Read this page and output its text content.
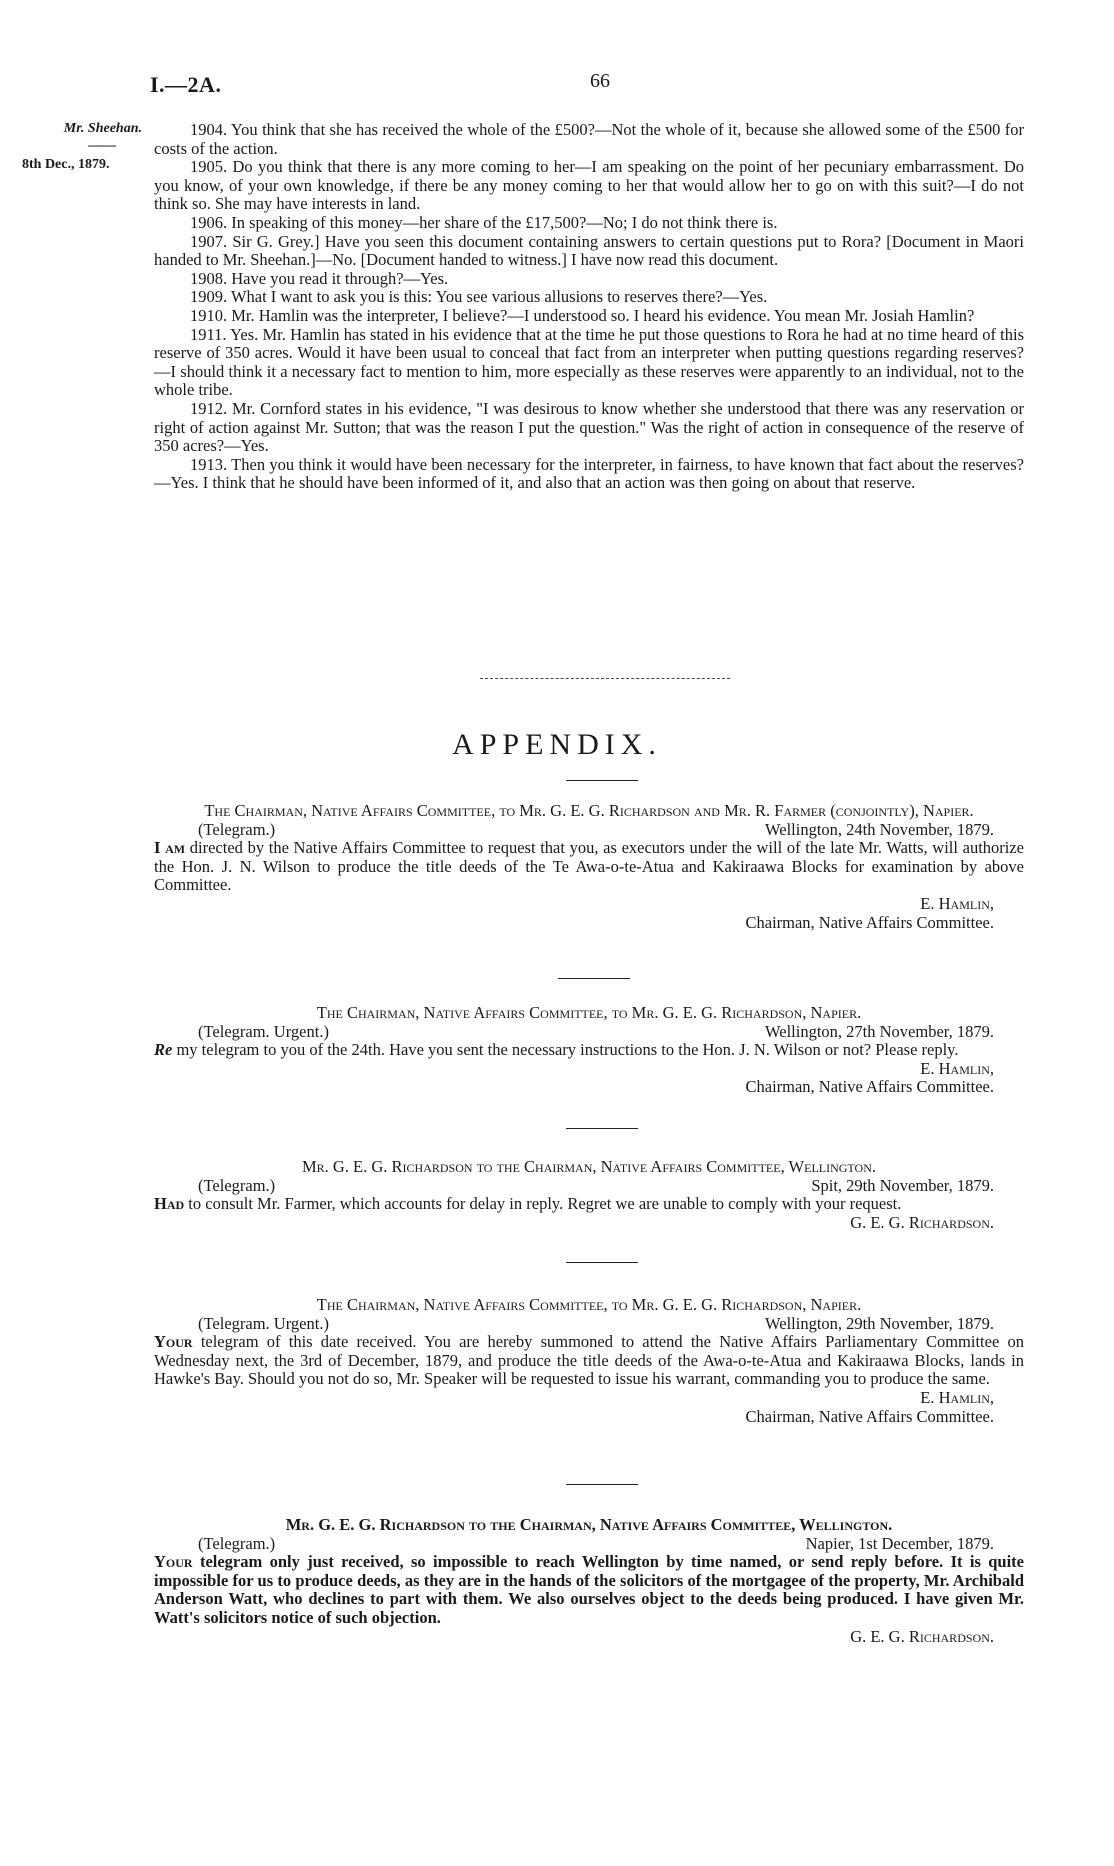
I.—2A.	66
Mr. Sheehan.
——
8th Dec., 1879.

1904. You think that she has received the whole of the £500?—Not the whole of it, because she allowed some of the £500 for costs of the action.

1905. Do you think that there is any more coming to her—I am speaking on the point of her pecuniary embarrassment. Do you know, of your own knowledge, if there be any money coming to her that would allow her to go on with this suit?—I do not think so. She may have interests in land.

1906. In speaking of this money—her share of the £17,500?—No; I do not think there is.

1907. Sir G. Grey.] Have you seen this document containing answers to certain questions put to Rora? [Document in Maori handed to Mr. Sheehan.]—No. [Document handed to witness.] I have now read this document.

1908. Have you read it through?—Yes.

1909. What I want to ask you is this: You see various allusions to reserves there?—Yes.

1910. Mr. Hamlin was the interpreter, I believe?—I understood so. I heard his evidence. You mean Mr. Josiah Hamlin?

1911. Yes. Mr. Hamlin has stated in his evidence that at the time he put those questions to Rora he had at no time heard of this reserve of 350 acres. Would it have been usual to conceal that fact from an interpreter when putting questions regarding reserves?—I should think it a necessary fact to mention to him, more especially as these reserves were apparently to an individual, not to the whole tribe.

1912. Mr. Cornford states in his evidence, "I was desirous to know whether she understood that there was any reservation or right of action against Mr. Sutton; that was the reason I put the question." Was the right of action in consequence of the reserve of 350 acres?—Yes.

1913. Then you think it would have been necessary for the interpreter, in fairness, to have known that fact about the reserves?—Yes. I think that he should have been informed of it, and also that an action was then going on about that reserve.

APPENDIX.
The Chairman, Native Affairs Committee, to Mr. G. E. G. Richardson and Mr. R. Farmer (conjointly), Napier.
(Telegram.)	Wellington, 24th November, 1879.
I am directed by the Native Affairs Committee to request that you, as executors under the will of the late Mr. Watts, will authorize the Hon. J. N. Wilson to produce the title deeds of the Te Awa-o-te-Atua and Kakiraawa Blocks for examination by above Committee.
E. Hamlin,
Chairman, Native Affairs Committee.
The Chairman, Native Affairs Committee, to Mr. G. E. G. Richardson, Napier.
(Telegram. Urgent.)	Wellington, 27th November, 1879.
Re my telegram to you of the 24th. Have you sent the necessary instructions to the Hon. J. N. Wilson or not? Please reply.
E. Hamlin,
Chairman, Native Affairs Committee.
Mr. G. E. G. Richardson to the Chairman, Native Affairs Committee, Wellington.
(Telegram.)	Spit, 29th November, 1879.
Had to consult Mr. Farmer, which accounts for delay in reply. Regret we are unable to comply with your request.
G. E. G. Richardson.
The Chairman, Native Affairs Committee, to Mr. G. E. G. Richardson, Napier.
(Telegram. Urgent.)	Wellington, 29th November, 1879.
Your telegram of this date received. You are hereby summoned to attend the Native Affairs Parliamentary Committee on Wednesday next, the 3rd of December, 1879, and produce the title deeds of the Awa-o-te-Atua and Kakiraawa Blocks, lands in Hawke's Bay. Should you not do so, Mr. Speaker will be requested to issue his warrant, commanding you to produce the same.
E. Hamlin,
Chairman, Native Affairs Committee.
Mr. G. E. G. Richardson to the Chairman, Native Affairs Committee, Wellington.
(Telegram.)	Napier, 1st December, 1879.
Your telegram only just received, so impossible to reach Wellington by time named, or send reply before. It is quite impossible for us to produce deeds, as they are in the hands of the solicitors of the mortgagee of the property, Mr. Archibald Anderson Watt, who declines to part with them. We also ourselves object to the deeds being produced. I have given Mr. Watt's solicitors notice of such objection.
G. E. G. Richardson.
